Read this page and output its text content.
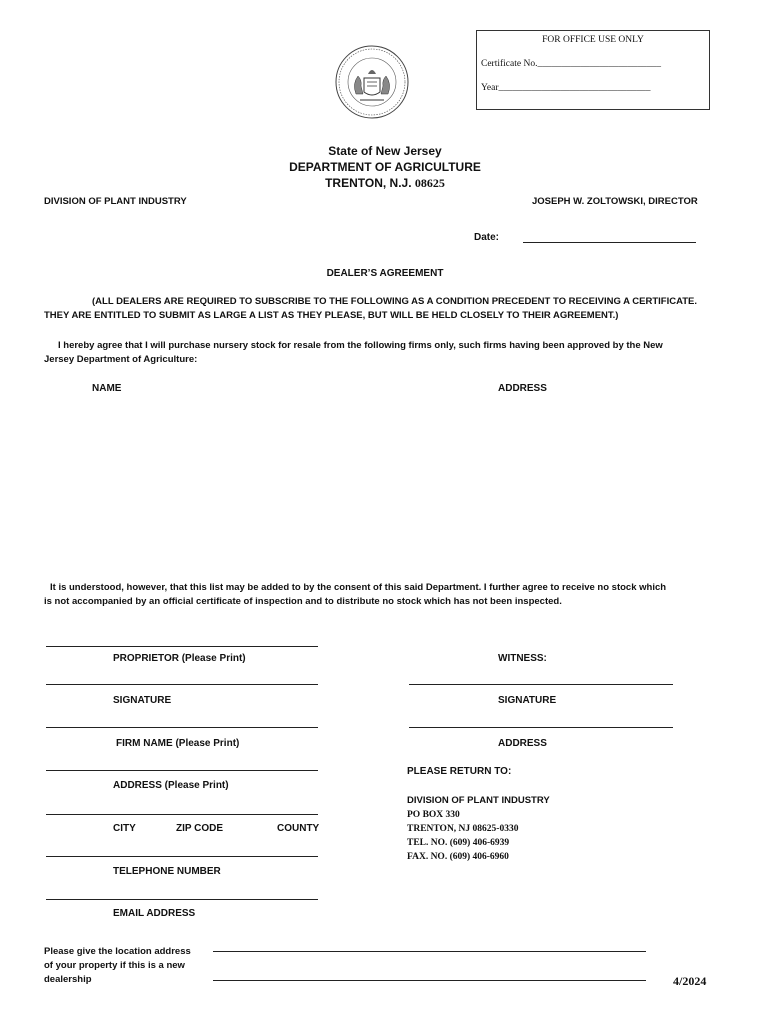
FOR OFFICE USE ONLY
Certificate No.__________________________
Year________________________________
State of New Jersey
DEPARTMENT OF AGRICULTURE
TRENTON, N.J. 08625
DIVISION OF PLANT INDUSTRY	JOSEPH W. ZOLTOWSKI, DIRECTOR
Date:
DEALER’S AGREEMENT
(ALL DEALERS ARE REQUIRED TO SUBSCRIBE TO THE FOLLOWING AS A CONDITION PRECEDENT TO RECEIVING A CERTIFICATE.
THEY ARE ENTITLED TO SUBMIT AS LARGE A LIST AS THEY PLEASE, BUT WILL BE HELD CLOSELY TO THEIR AGREEMENT.)
I hereby agree that I will purchase nursery stock for resale from the following firms only, such firms having been approved by the New
Jersey Department of Agriculture:
NAME	ADDRESS
It is understood, however, that this list may be added to by the consent of this said Department. I further agree to receive no stock which
is not accompanied by an official certificate of inspection and to distribute no stock which has not been inspected.
PROPRIETOR (Please Print)
SIGNATURE
FIRM NAME (Please Print)
ADDRESS (Please Print)
CITY	ZIP CODE	COUNTY
TELEPHONE NUMBER
EMAIL ADDRESS
WITNESS:
SIGNATURE
ADDRESS
PLEASE RETURN TO:
DIVISION OF PLANT INDUSTRY
PO BOX 330
TRENTON, NJ 08625-0330
TEL. NO. (609) 406-6939
FAX. NO. (609) 406-6960
Please give the location address
of your property if this is a new
dealership	4/2024
